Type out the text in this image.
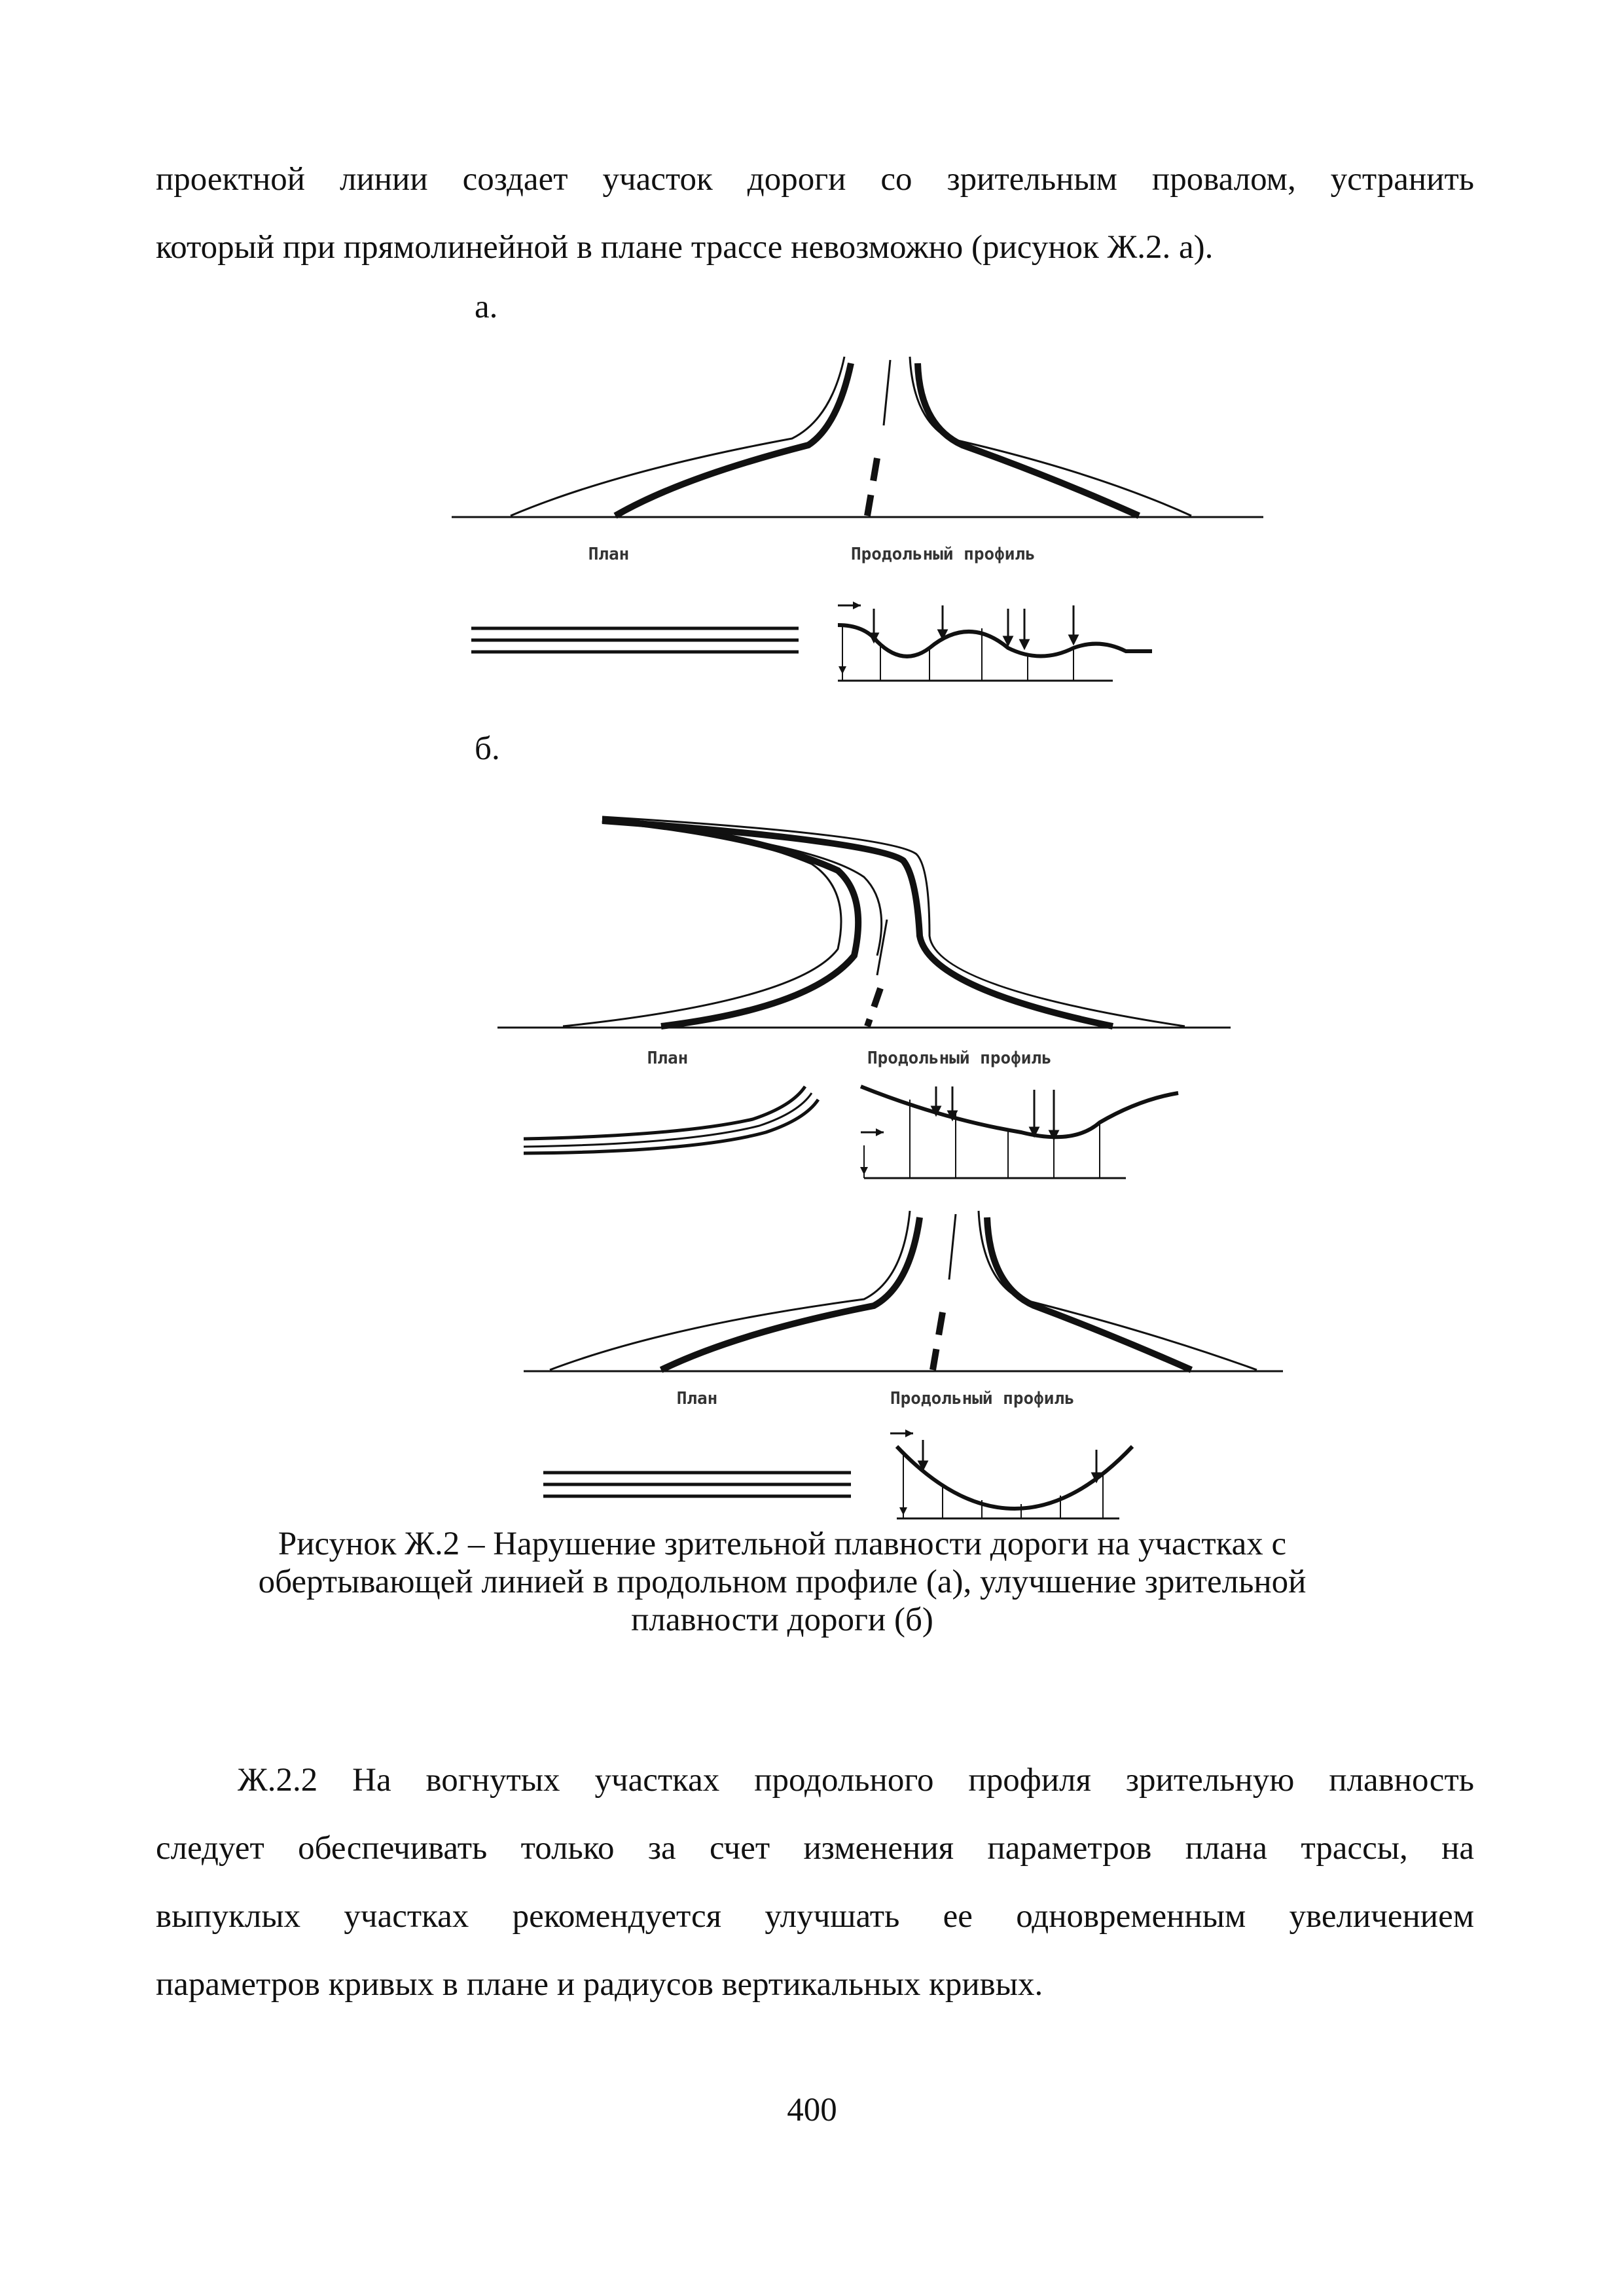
проектной линии создает участок дороги со зрительным провалом, устранить
который при прямолинейной в плане трассе невозможно (рисунок Ж.2. а).
а.
План	Продольный профиль
б.
План	Продольный профиль
План	Продольный профиль
Рисунок Ж.2 – Нарушение зрительной плавности дороги на участках с
обертывающей линией в продольном профиле (а), улучшение зрительной
плавности дороги (б)
Ж.2.2 На вогнутых участках продольного профиля зрительную плавность
следует обеспечивать только за счет изменения параметров плана трассы, на
выпуклых участках рекомендуется улучшать ее одновременным увеличением
параметров кривых в плане и радиусов вертикальных кривых.
400
